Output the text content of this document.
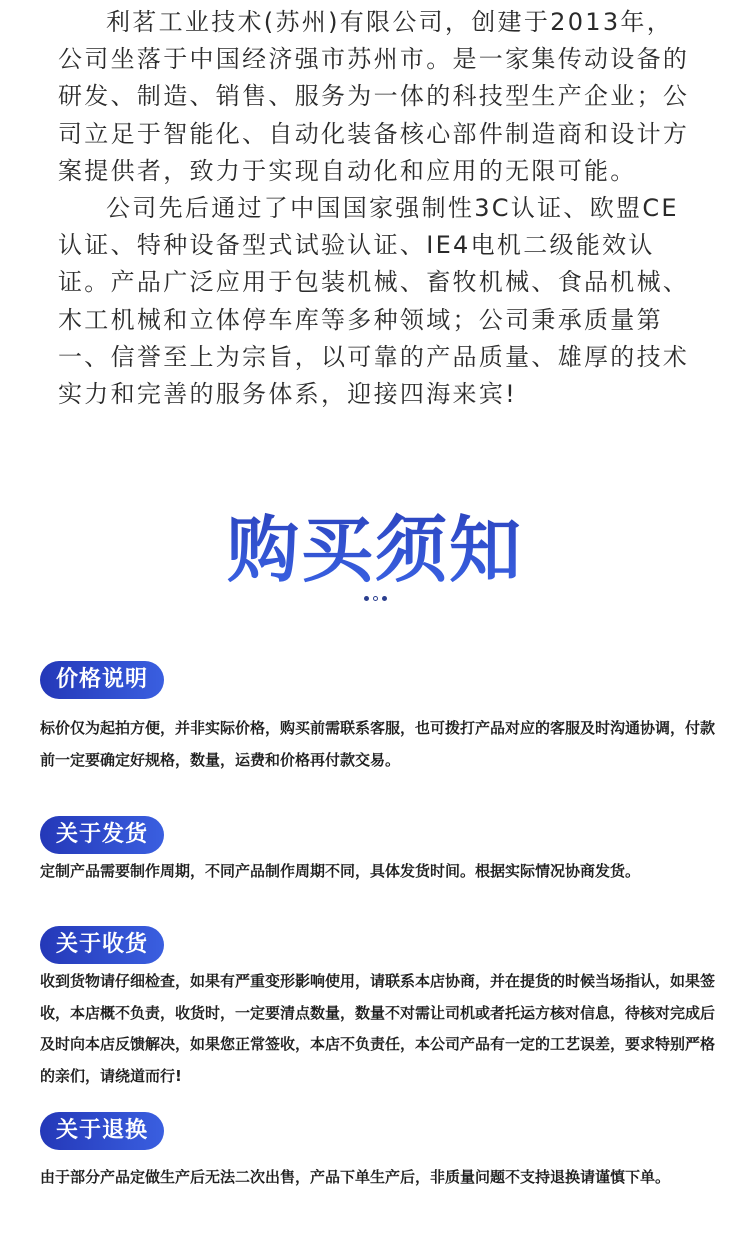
利茗工业技术(苏州)有限公司，创建于2013年，公司坐落于中国经济强市苏州市。是一家集传动设备的研发、制造、销售、服务为一体的科技型生产企业；公司立足于智能化、自动化装备核心部件制造商和设计方案提供者，致力于实现自动化和应用的无限可能。

公司先后通过了中国国家强制性3C认证、欧盟CE认证、特种设备型式试验认证、IE4电机二级能效认证。产品广泛应用于包装机械、畜牧机械、食品机械、木工机械和立体停车库等多种领域；公司秉承质量第一、信誉至上为宗旨，以可靠的产品质量、雄厚的技术实力和完善的服务体系，迎接四海来宾!

购买须知
价格说明

标价仅为起拍方便，并非实际价格，购买前需联系客服，也可拨打产品对应的客服及时沟通协调，付款前一定要确定好规格，数量，运费和价格再付款交易。

关于发货

定制产品需要制作周期，不同产品制作周期不同，具体发货时间。根据实际情况协商发货。

关于收货

收到货物请仔细检查，如果有严重变形影响使用，请联系本店协商，并在提货的时候当场指认，如果签收，本店概不负责，收货时，一定要清点数量，数量不对需让司机或者托运方核对信息，待核对完成后及时向本店反馈解决，如果您正常签收，本店不负责任，本公司产品有一定的工艺误差，要求特别严格的亲们，请绕道而行!

关于退换

由于部分产品定做生产后无法二次出售，产品下单生产后，非质量问题不支持退换请谨慎下单。
